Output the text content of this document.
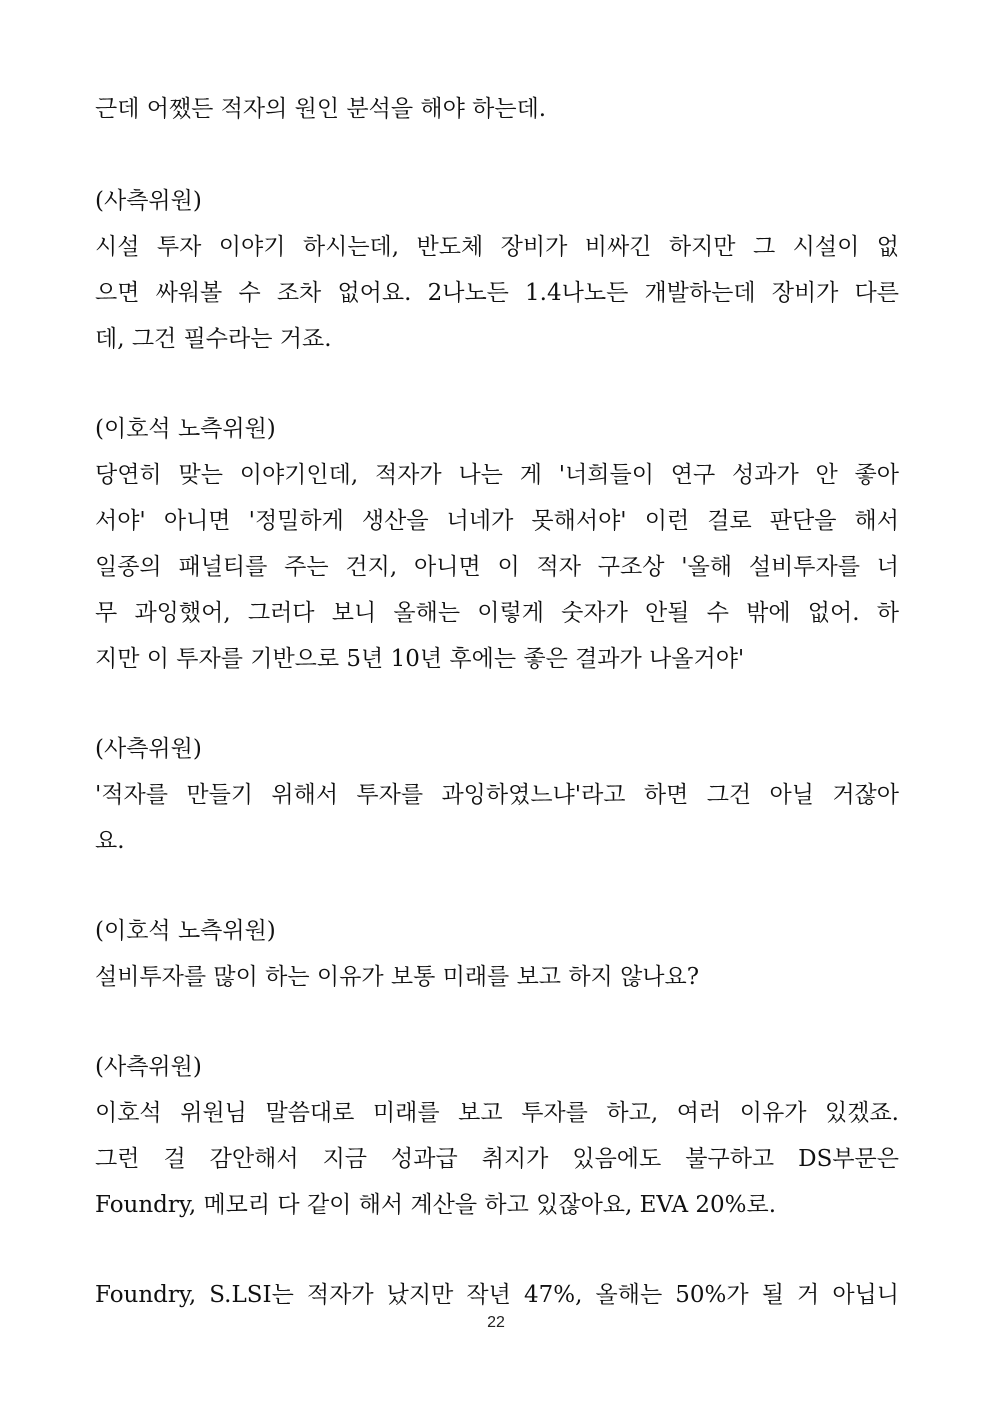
근데 어쨌든 적자의 원인 분석을 해야 하는데.
(사측위원)
시설 투자 이야기 하시는데, 반도체 장비가 비싸긴 하지만 그 시설이 없
으면 싸워볼 수 조차 없어요. 2나노든 1.4나노든 개발하는데 장비가 다른
데, 그건 필수라는 거죠.
(이호석 노측위원)
당연히 맞는 이야기인데, 적자가 나는 게 '너희들이 연구 성과가 안 좋아
서야' 아니면 '정밀하게 생산을 너네가 못해서야' 이런 걸로 판단을 해서
일종의 패널티를 주는 건지, 아니면 이 적자 구조상 '올해 설비투자를 너
무 과잉했어, 그러다 보니 올해는 이렇게 숫자가 안될 수 밖에 없어. 하
지만 이 투자를 기반으로 5년 10년 후에는 좋은 결과가 나올거야'
(사측위원)
'적자를 만들기 위해서 투자를 과잉하였느냐'라고 하면 그건 아닐 거잖아
요.
(이호석 노측위원)
설비투자를 많이 하는 이유가 보통 미래를 보고 하지 않나요?
(사측위원)
이호석 위원님 말씀대로 미래를 보고 투자를 하고, 여러 이유가 있겠죠.
그런 걸 감안해서 지금 성과급 취지가 있음에도 불구하고 DS부문은
Foundry, 메모리 다 같이 해서 계산을 하고 있잖아요, EVA 20%로.
Foundry, S.LSI는 적자가 났지만 작년 47%, 올해는 50%가 될 거 아닙니
22
